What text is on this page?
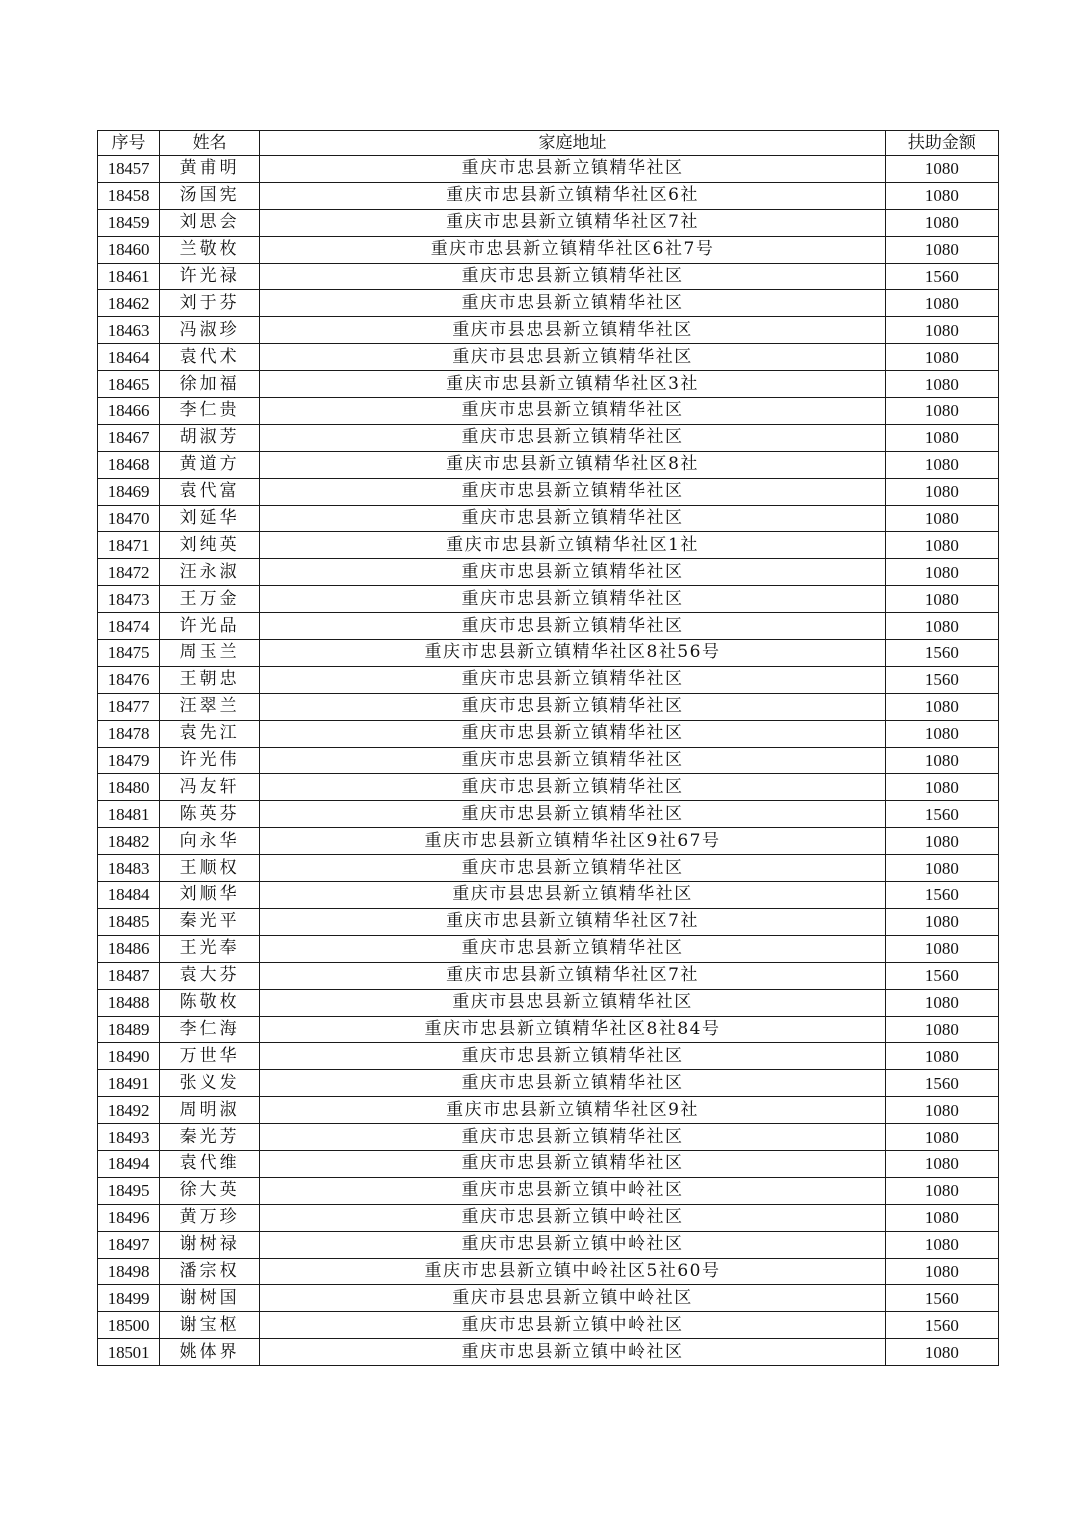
序号	姓名	家庭地址	扶助金额
18457	黄甫明	重庆市忠县新立镇精华社区	1080
18458	汤国宪	重庆市忠县新立镇精华社区6社	1080
18459	刘思会	重庆市忠县新立镇精华社区7社	1080
18460	兰敬枚	重庆市忠县新立镇精华社区6社7号	1080
18461	许光禄	重庆市忠县新立镇精华社区	1560
18462	刘于芬	重庆市忠县新立镇精华社区	1080
18463	冯淑珍	重庆市县忠县新立镇精华社区	1080
18464	袁代术	重庆市县忠县新立镇精华社区	1080
18465	徐加福	重庆市忠县新立镇精华社区3社	1080
18466	李仁贵	重庆市忠县新立镇精华社区	1080
18467	胡淑芳	重庆市忠县新立镇精华社区	1080
18468	黄道方	重庆市忠县新立镇精华社区8社	1080
18469	袁代富	重庆市忠县新立镇精华社区	1080
18470	刘延华	重庆市忠县新立镇精华社区	1080
18471	刘纯英	重庆市忠县新立镇精华社区1社	1080
18472	汪永淑	重庆市忠县新立镇精华社区	1080
18473	王万金	重庆市忠县新立镇精华社区	1080
18474	许光品	重庆市忠县新立镇精华社区	1080
18475	周玉兰	重庆市忠县新立镇精华社区8社56号	1560
18476	王朝忠	重庆市忠县新立镇精华社区	1560
18477	汪翠兰	重庆市忠县新立镇精华社区	1080
18478	袁先江	重庆市忠县新立镇精华社区	1080
18479	许光伟	重庆市忠县新立镇精华社区	1080
18480	冯友轩	重庆市忠县新立镇精华社区	1080
18481	陈英芬	重庆市忠县新立镇精华社区	1560
18482	向永华	重庆市忠县新立镇精华社区9社67号	1080
18483	王顺权	重庆市忠县新立镇精华社区	1080
18484	刘顺华	重庆市县忠县新立镇精华社区	1560
18485	秦光平	重庆市忠县新立镇精华社区7社	1080
18486	王光奉	重庆市忠县新立镇精华社区	1080
18487	袁大芬	重庆市忠县新立镇精华社区7社	1560
18488	陈敬枚	重庆市县忠县新立镇精华社区	1080
18489	李仁海	重庆市忠县新立镇精华社区8社84号	1080
18490	万世华	重庆市忠县新立镇精华社区	1080
18491	张义发	重庆市忠县新立镇精华社区	1560
18492	周明淑	重庆市忠县新立镇精华社区9社	1080
18493	秦光芳	重庆市忠县新立镇精华社区	1080
18494	袁代维	重庆市忠县新立镇精华社区	1080
18495	徐大英	重庆市忠县新立镇中岭社区	1080
18496	黄万珍	重庆市忠县新立镇中岭社区	1080
18497	谢树禄	重庆市忠县新立镇中岭社区	1080
18498	潘宗权	重庆市忠县新立镇中岭社区5社60号	1080
18499	谢树国	重庆市县忠县新立镇中岭社区	1560
18500	谢宝枢	重庆市忠县新立镇中岭社区	1560
18501	姚体界	重庆市忠县新立镇中岭社区	1080
